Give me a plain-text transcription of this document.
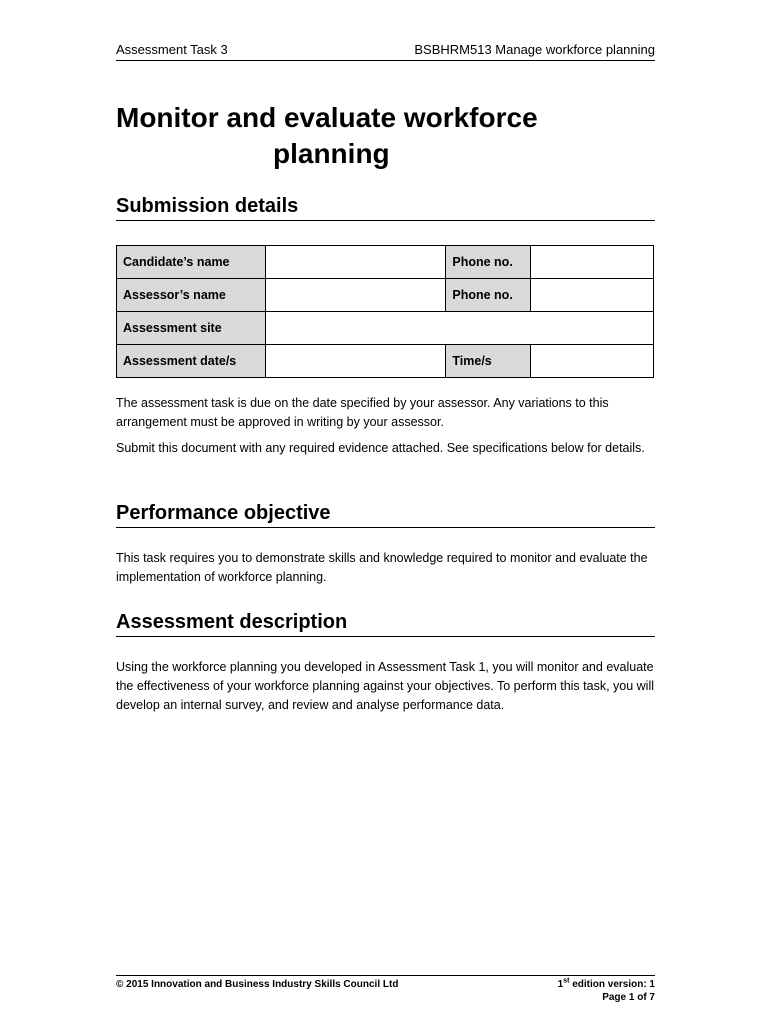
Assessment Task 3	BSBHRM513 Manage workforce planning
Monitor and evaluate workforce
planning
Submission details
Candidate’s name		Phone no.	
Assessor’s name		Phone no.	
Assessment site			
Assessment date/s		Time/s	

The assessment task is due on the date specified by your assessor. Any variations to this arrangement must be approved in writing by your assessor.

Submit this document with any required evidence attached. See specifications below for details.

Performance objective

This task requires you to demonstrate skills and knowledge required to monitor and evaluate the implementation of workforce planning.

Assessment description

Using the workforce planning you developed in Assessment Task 1, you will monitor and evaluate the effectiveness of your workforce planning against your objectives. To perform this task, you will develop an internal survey, and review and analyse performance data.

© 2015 Innovation and Business Industry Skills Council Ltd	1st edition version: 1
Page 1 of 7
